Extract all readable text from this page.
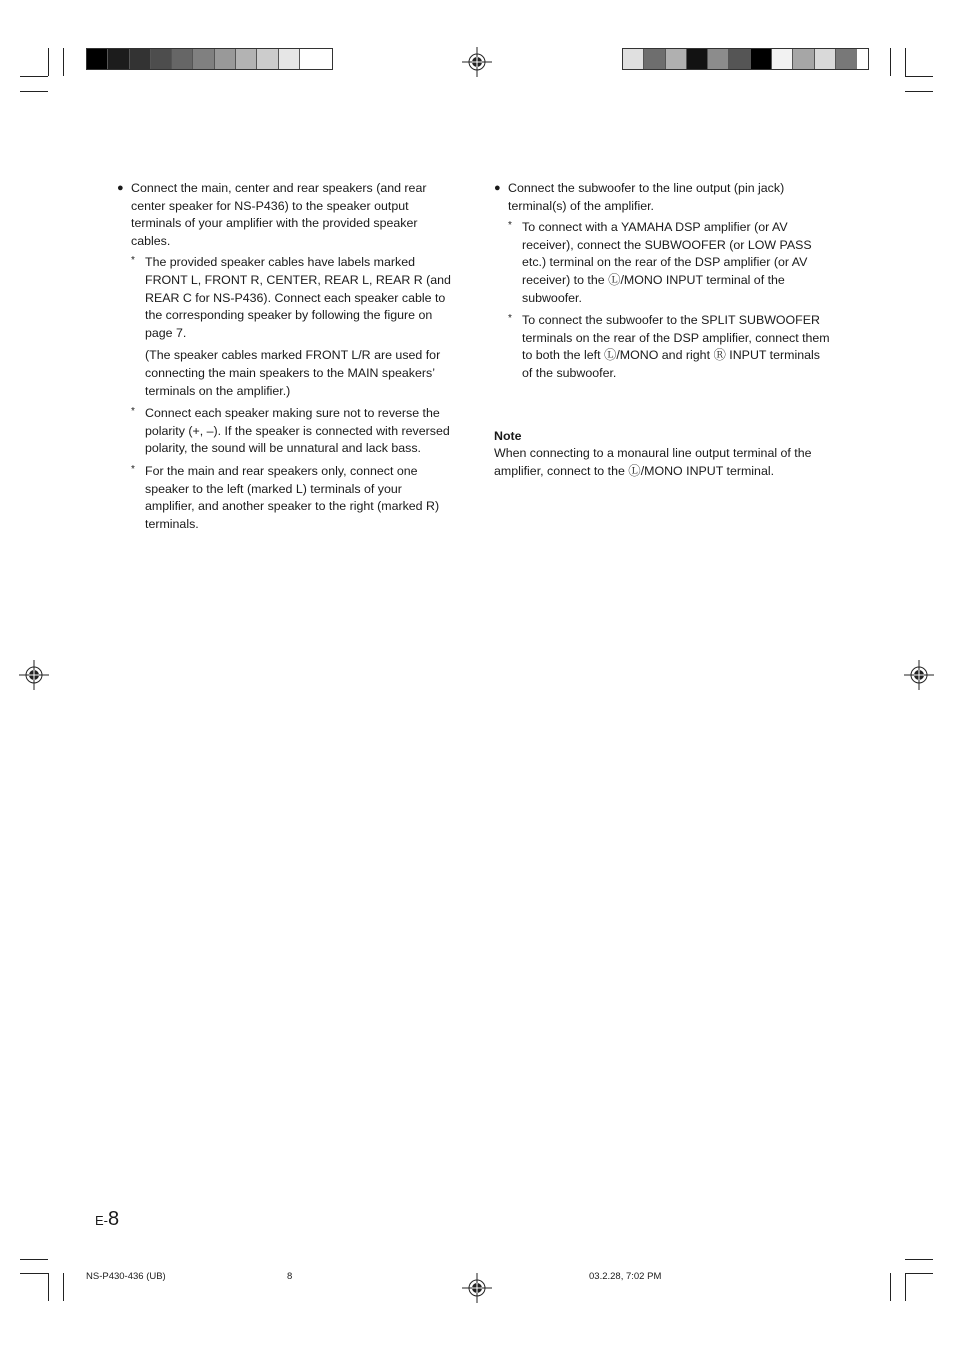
● Connect the main, center and rear speakers (and rear center speaker for NS-P436) to the speaker output terminals of your amplifier with the provided speaker cables.
* The provided speaker cables have labels marked FRONT L, FRONT R, CENTER, REAR L, REAR R (and REAR C for NS-P436). Connect each speaker cable to the corresponding speaker by following the figure on page 7.
(The speaker cables marked FRONT L/R are used for connecting the main speakers to the MAIN speakers’ terminals on the amplifier.)
* Connect each speaker making sure not to reverse the polarity (+, –). If the speaker is connected with reversed polarity, the sound will be unnatural and lack bass.
* For the main and rear speakers only, connect one speaker to the left (marked L) terminals of your amplifier, and another speaker to the right (marked R) terminals.
● Connect the subwoofer to the line output (pin jack) terminal(s) of the amplifier.
* To connect with a YAMAHA DSP amplifier (or AV receiver), connect the SUBWOOFER (or LOW PASS etc.) terminal on the rear of the DSP amplifier (or AV receiver) to the Ⓛ/MONO INPUT terminal of the subwoofer.
* To connect the subwoofer to the SPLIT SUBWOOFER terminals on the rear of the DSP amplifier, connect them to both the left Ⓛ/MONO and right Ⓡ INPUT terminals of the subwoofer.

Note

When connecting to a monaural line output terminal of the amplifier, connect to the Ⓛ/MONO INPUT terminal.

E-8
NS-P430-436 (UB)	8	03.2.28, 7:02 PM
